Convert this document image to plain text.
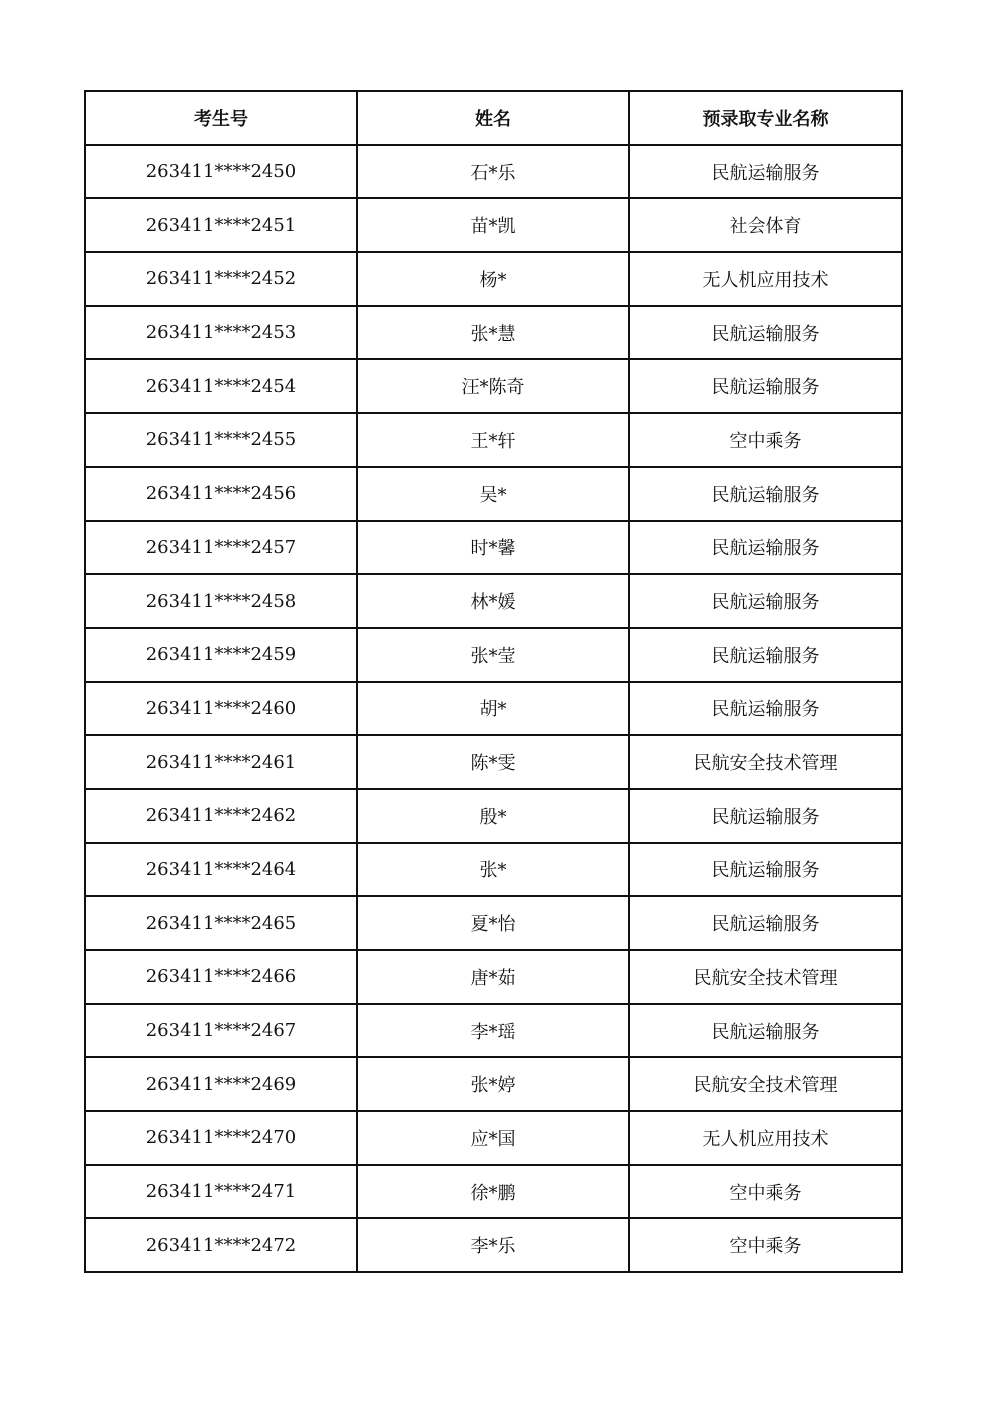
考生号	姓名	预录取专业名称
263411****2450	石*乐	民航运输服务
263411****2451	苗*凯	社会体育
263411****2452	杨*	无人机应用技术
263411****2453	张*慧	民航运输服务
263411****2454	汪*陈奇	民航运输服务
263411****2455	王*轩	空中乘务
263411****2456	吴*	民航运输服务
263411****2457	时*馨	民航运输服务
263411****2458	林*媛	民航运输服务
263411****2459	张*莹	民航运输服务
263411****2460	胡*	民航运输服务
263411****2461	陈*雯	民航安全技术管理
263411****2462	殷*	民航运输服务
263411****2464	张*	民航运输服务
263411****2465	夏*怡	民航运输服务
263411****2466	唐*茹	民航安全技术管理
263411****2467	李*瑶	民航运输服务
263411****2469	张*婷	民航安全技术管理
263411****2470	应*国	无人机应用技术
263411****2471	徐*鹏	空中乘务
263411****2472	李*乐	空中乘务
